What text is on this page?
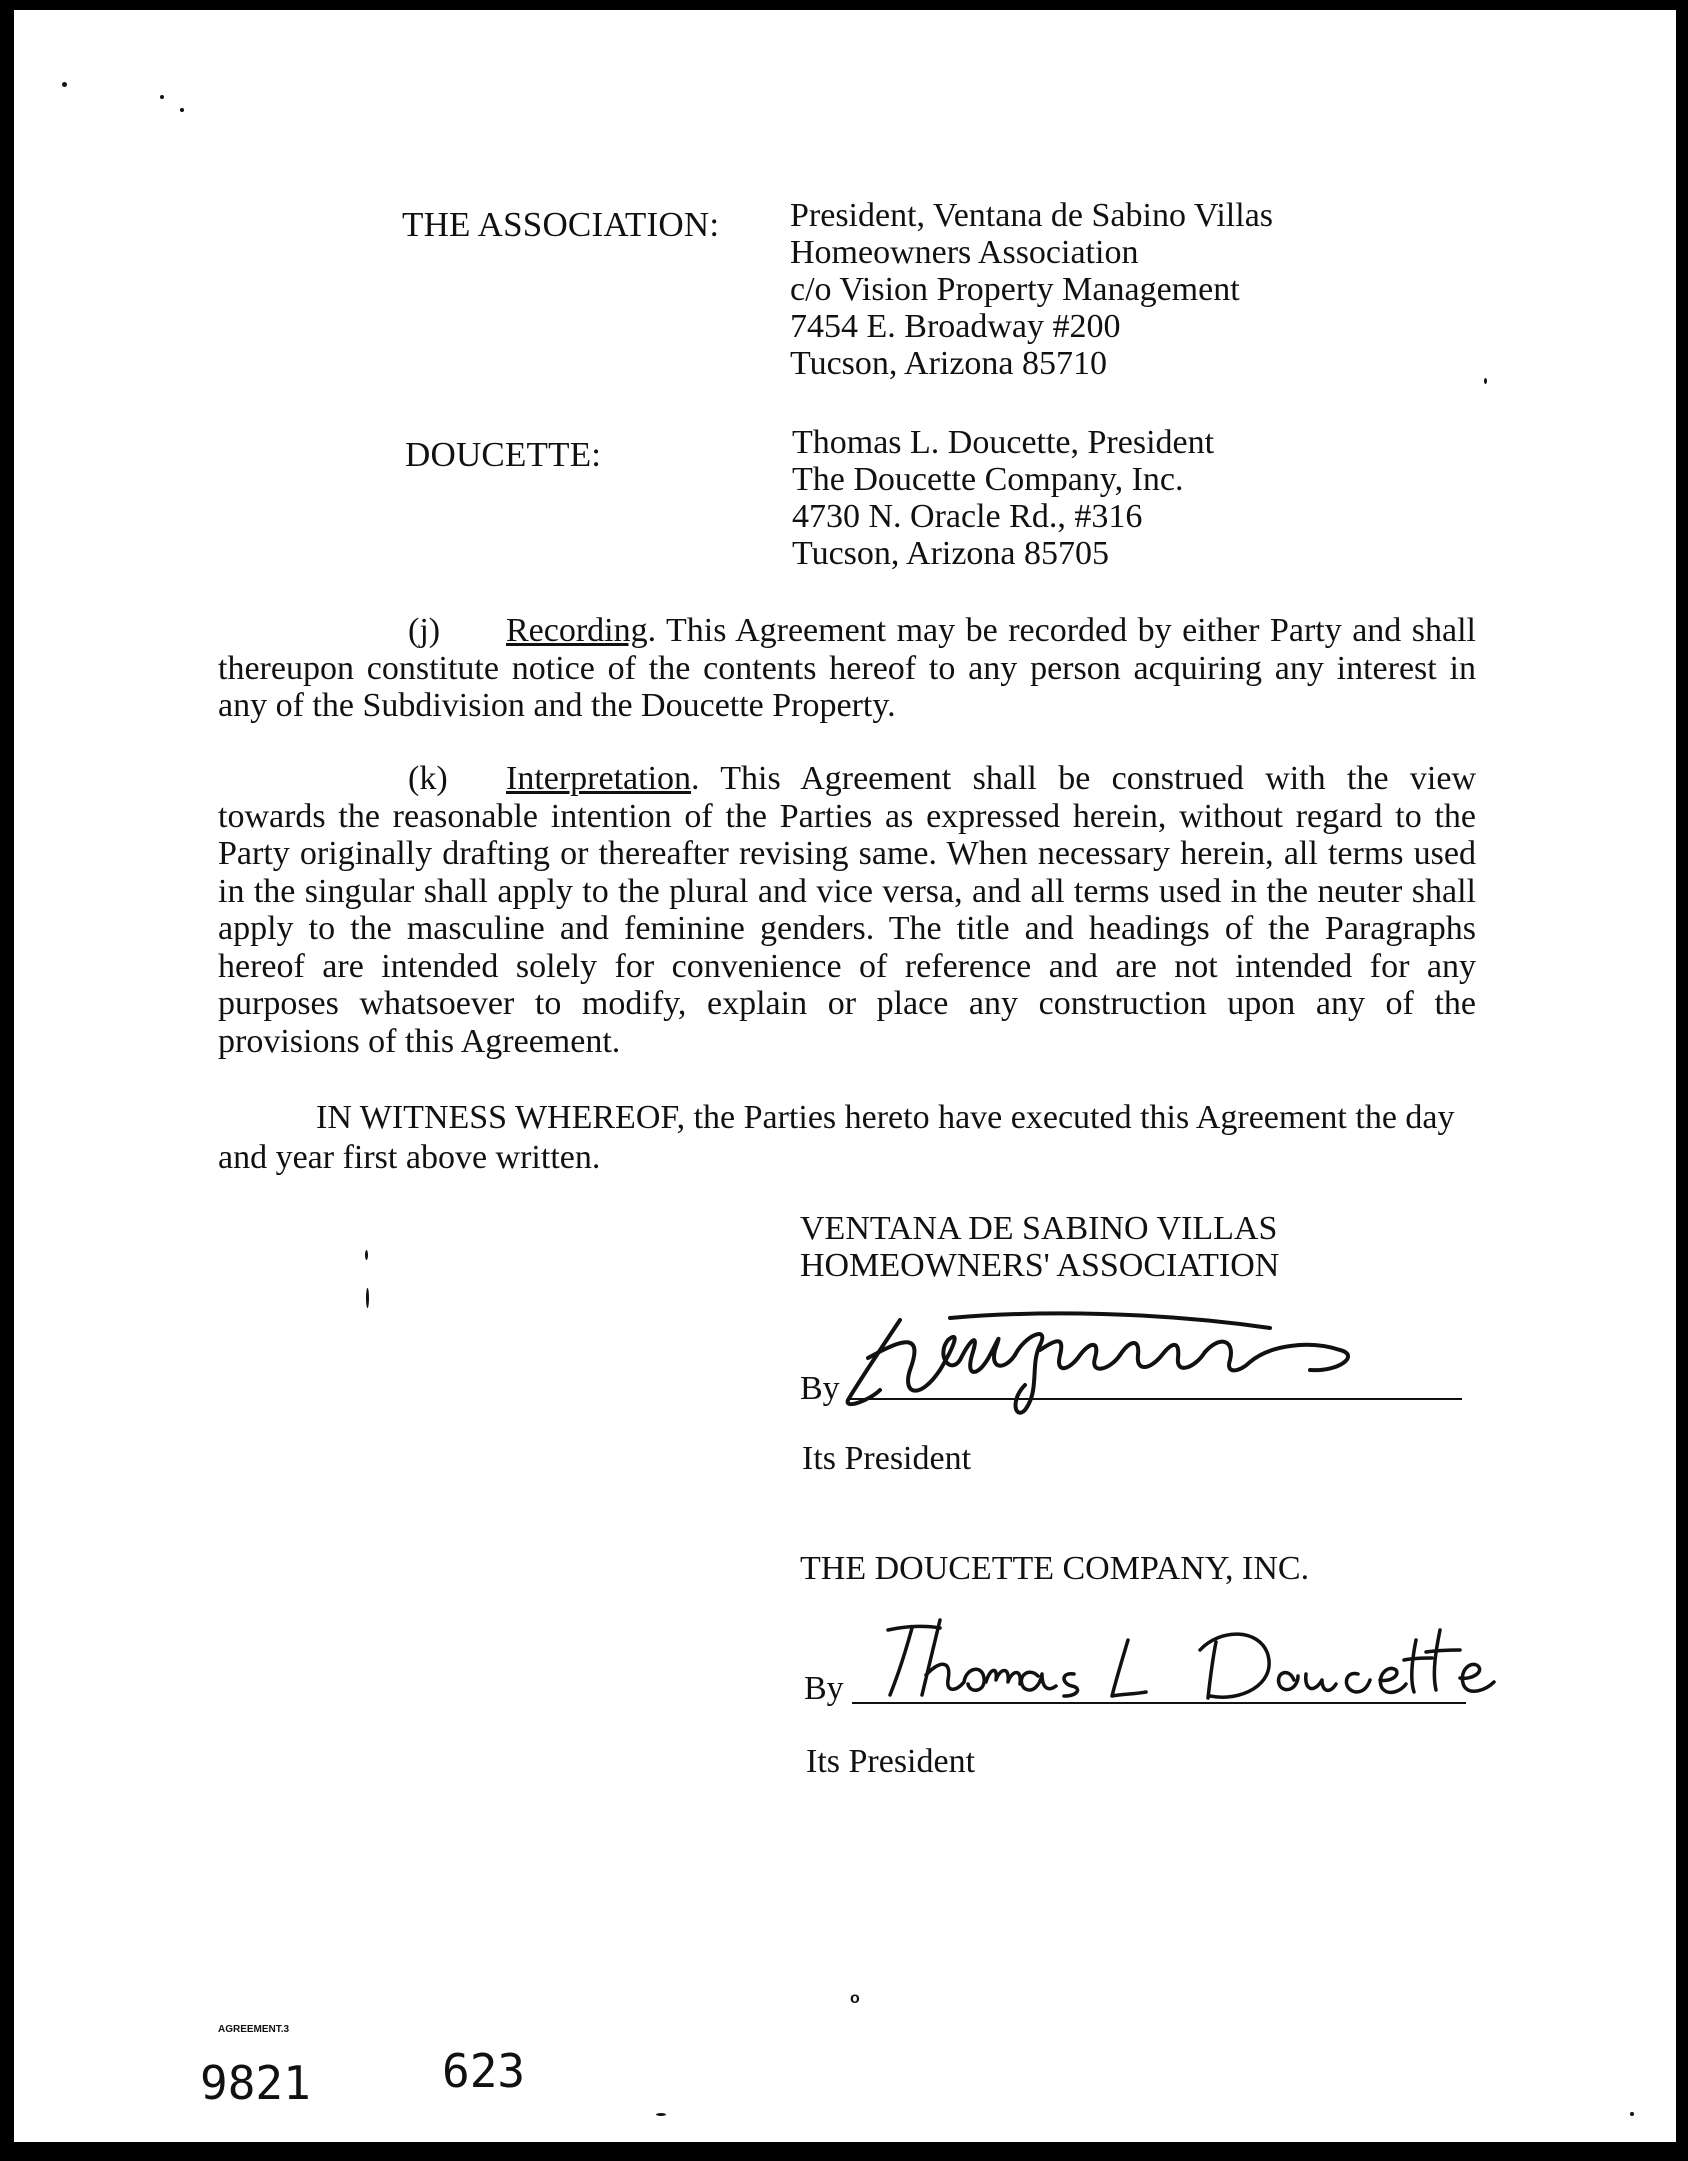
THE ASSOCIATION: President, Ventana de Sabino Villas
Homeowners Association
c/o Vision Property Management
7454 E. Broadway #200
Tucson, Arizona 85710
DOUCETTE:	Thomas L. Doucette, President
The Doucette Company, Inc.
4730 N. Oracle Rd., #316
Tucson, Arizona 85705
(j) Recording. This Agreement may be recorded by either Party and shall thereupon constitute notice of the contents hereof to any person acquiring any interest in any of the Subdivision and the Doucette Property.
(k) Interpretation. This Agreement shall be construed with the view towards the reasonable intention of the Parties as expressed herein, without regard to the Party originally drafting or thereafter revising same. When necessary herein, all terms used in the singular shall apply to the plural and vice versa, and all terms used in the neuter shall apply to the masculine and feminine genders. The title and headings of the Paragraphs hereof are intended solely for convenience of reference and are not intended for any purposes whatsoever to modify, explain or place any construction upon any of the provisions of this Agreement.
IN WITNESS WHEREOF, the Parties hereto have executed this Agreement the day and year first above written.
VENTANA DE SABINO VILLAS
HOMEOWNERS' ASSOCIATION
By
Its President
THE DOUCETTE COMPANY, INC.
By
Its President
AGREEMENT.3
9821	623
o
